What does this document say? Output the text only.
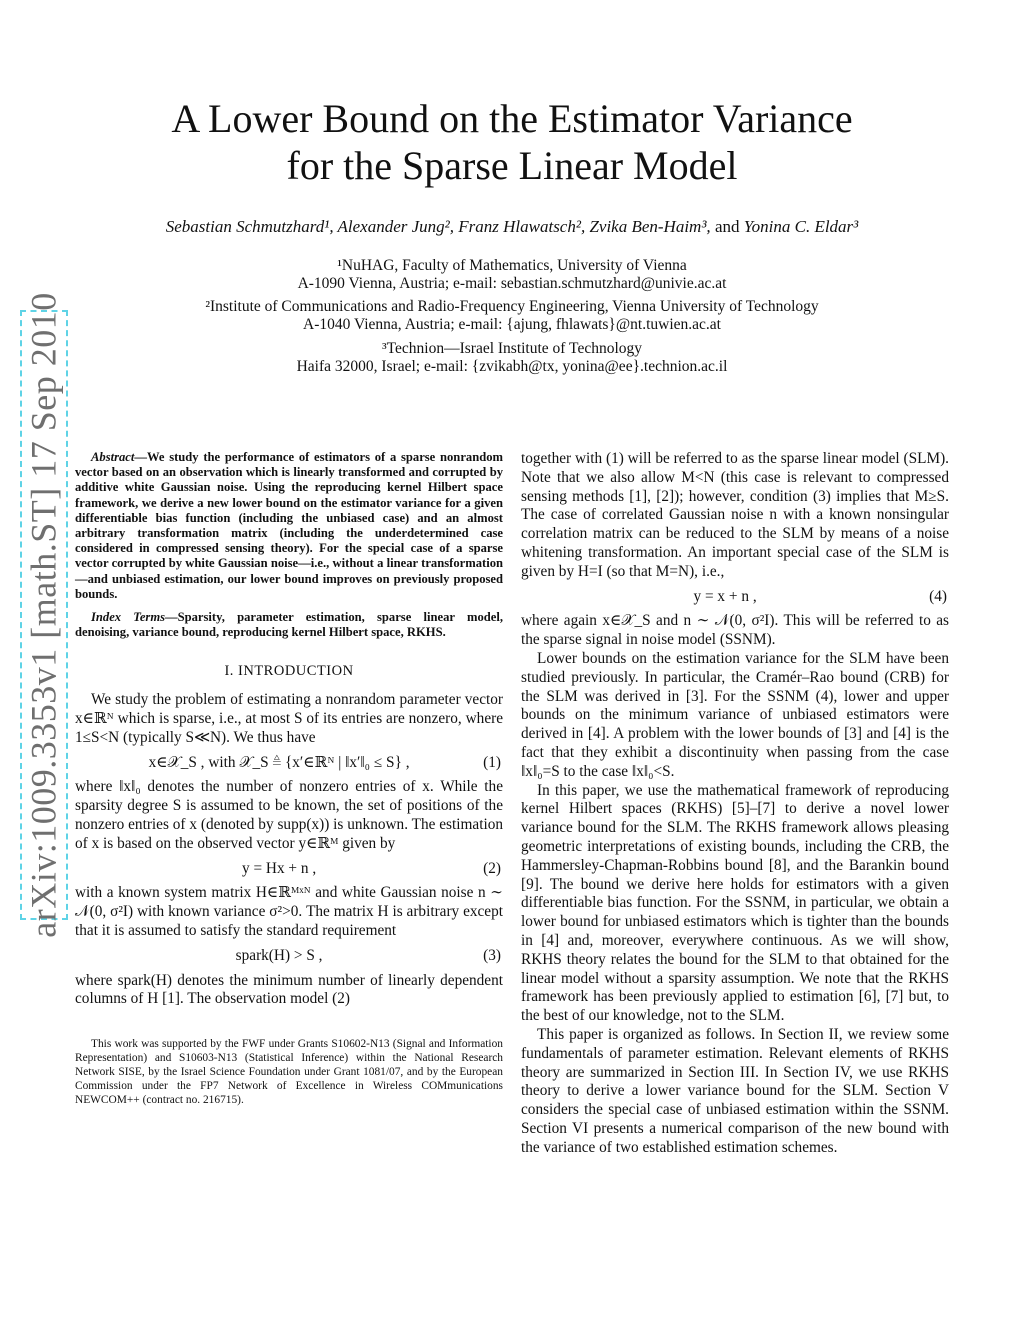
arXiv:1009.3353v1 [math.ST] 17 Sep 2010
A Lower Bound on the Estimator Variance
for the Sparse Linear Model
Sebastian Schmutzhard¹, Alexander Jung², Franz Hlawatsch², Zvika Ben-Haim³, and Yonina C. Eldar³
¹NuHAG, Faculty of Mathematics, University of Vienna
A-1090 Vienna, Austria; e-mail: sebastian.schmutzhard@univie.ac.at
²Institute of Communications and Radio-Frequency Engineering, Vienna University of Technology
A-1040 Vienna, Austria; e-mail: {ajung, fhlawats}@nt.tuwien.ac.at
³Technion—Israel Institute of Technology
Haifa 32000, Israel; e-mail: {zvikabh@tx, yonina@ee}.technion.ac.il

Abstract—We study the performance of estimators of a sparse nonrandom vector based on an observation which is linearly transformed and corrupted by additive white Gaussian noise. Using the reproducing kernel Hilbert space framework, we derive a new lower bound on the estimator variance for a given differentiable bias function (including the unbiased case) and an almost arbitrary transformation matrix (including the underdetermined case considered in compressed sensing theory). For the special case of a sparse vector corrupted by white Gaussian noise—i.e., without a linear transformation—and unbiased estimation, our lower bound improves on previously proposed bounds.

Index Terms—Sparsity, parameter estimation, sparse linear model, denoising, variance bound, reproducing kernel Hilbert space, RKHS.

I. INTRODUCTION

We study the problem of estimating a nonrandom parameter vector x∈ℝᴺ which is sparse, i.e., at most S of its entries are nonzero, where 1≤S<N (typically S≪N). We thus have

x∈𝒳_S , with 𝒳_S ≜ {x′∈ℝᴺ | ‖x′‖₀ ≤ S} ,	(1)

where ‖x‖₀ denotes the number of nonzero entries of x. While the sparsity degree S is assumed to be known, the set of positions of the nonzero entries of x (denoted by supp(x)) is unknown. The estimation of x is based on the observed vector y∈ℝᴹ given by

y = Hx + n ,	(2)

with a known system matrix H∈ℝᴹˣᴺ and white Gaussian noise n ∼ 𝒩(0, σ²I) with known variance σ²>0. The matrix H is arbitrary except that it is assumed to satisfy the standard requirement

spark(H) > S ,	(3)

where spark(H) denotes the minimum number of linearly dependent columns of H [1]. The observation model (2)

This work was supported by the FWF under Grants S10602-N13 (Signal and Information Representation) and S10603-N13 (Statistical Inference) within the National Research Network SISE, by the Israel Science Foundation under Grant 1081/07, and by the European Commission under the FP7 Network of Excellence in Wireless COMmunications NEWCOM++ (contract no. 216715).

together with (1) will be referred to as the sparse linear model (SLM). Note that we also allow M<N (this case is relevant to compressed sensing methods [1], [2]); however, condition (3) implies that M≥S. The case of correlated Gaussian noise n with a known nonsingular correlation matrix can be reduced to the SLM by means of a noise whitening transformation. An important special case of the SLM is given by H=I (so that M=N), i.e.,

y = x + n ,	(4)

where again x∈𝒳_S and n ∼ 𝒩(0, σ²I). This will be referred to as the sparse signal in noise model (SSNM).

Lower bounds on the estimation variance for the SLM have been studied previously. In particular, the Cramér–Rao bound (CRB) for the SLM was derived in [3]. For the SSNM (4), lower and upper bounds on the minimum variance of unbiased estimators were derived in [4]. A problem with the lower bounds of [3] and [4] is the fact that they exhibit a discontinuity when passing from the case ‖x‖₀=S to the case ‖x‖₀<S.

In this paper, we use the mathematical framework of reproducing kernel Hilbert spaces (RKHS) [5]–[7] to derive a novel lower variance bound for the SLM. The RKHS framework allows pleasing geometric interpretations of existing bounds, including the CRB, the Hammersley-Chapman-Robbins bound [8], and the Barankin bound [9]. The bound we derive here holds for estimators with a given differentiable bias function. For the SSNM, in particular, we obtain a lower bound for unbiased estimators which is tighter than the bounds in [4] and, moreover, everywhere continuous. As we will show, RKHS theory relates the bound for the SLM to that obtained for the linear model without a sparsity assumption. We note that the RKHS framework has been previously applied to estimation [6], [7] but, to the best of our knowledge, not to the SLM.

This paper is organized as follows. In Section II, we review some fundamentals of parameter estimation. Relevant elements of RKHS theory are summarized in Section III. In Section IV, we use RKHS theory to derive a lower variance bound for the SLM. Section V considers the special case of unbiased estimation within the SSNM. Section VI presents a numerical comparison of the new bound with the variance of two established estimation schemes.
